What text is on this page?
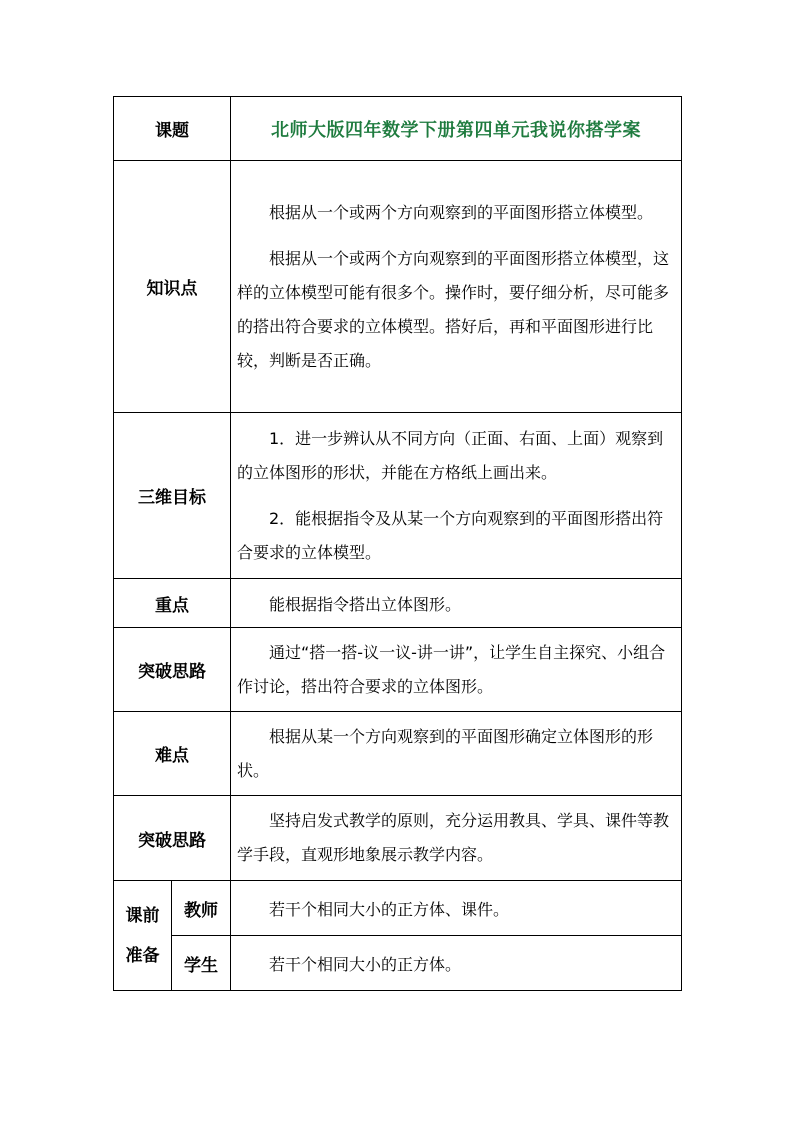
课题		北师大版四年数学下册第四单元我说你搭学案
知识点		根据从一个或两个方向观察到的平面图形搭立体模型。

根据从一个或两个方向观察到的平面图形搭立体模型，这样的立体模型可能有很多个。操作时，要仔细分析，尽可能多的搭出符合要求的立体模型。搭好后，再和平面图形进行比较，判断是否正确。

三维目标		1．进一步辨认从不同方向（正面、右面、上面）观察到的立体图形的形状，并能在方格纸上画出来。

2．能根据指令及从某一个方向观察到的平面图形搭出符合要求的立体模型。

重点		能根据指令搭出立体图形。

突破思路		通过“搭一搭-议一议-讲一讲”，让学生自主探究、小组合作讨论，搭出符合要求的立体图形。

难点		根据从某一个方向观察到的平面图形确定立体图形的形状。

突破思路		坚持启发式教学的原则，充分运用教具、学具、课件等教学手段，直观形地象展示教学内容。

课前
准备	教师	若干个相同大小的正方体、课件。

	学生	若干个相同大小的正方体。
